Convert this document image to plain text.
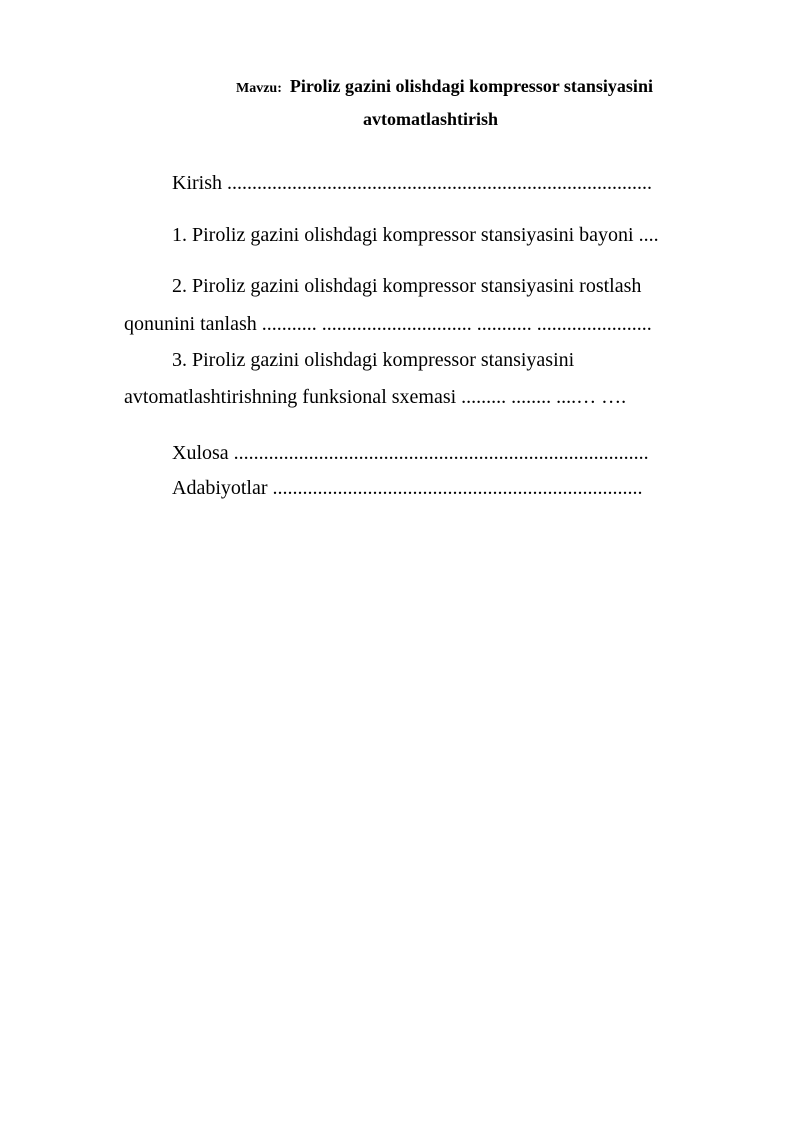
Mavzu: Piroliz gazini olishdagi kompressor stansiyasini
avtomatlashtirish
Kirish .....................................................................................
1. Piroliz gazini olishdagi kompressor stansiyasini bayoni ....
2. Piroliz gazini olishdagi kompressor stansiyasini rostlash
qonunini tanlash ........... .............................. ........... .......................
3. Piroliz gazini olishdagi kompressor stansiyasini
avtomatlashtirishning funksional sxemasi ......... ........ ....… ….
Xulosa ...................................................................................
Adabiyotlar ..........................................................................
